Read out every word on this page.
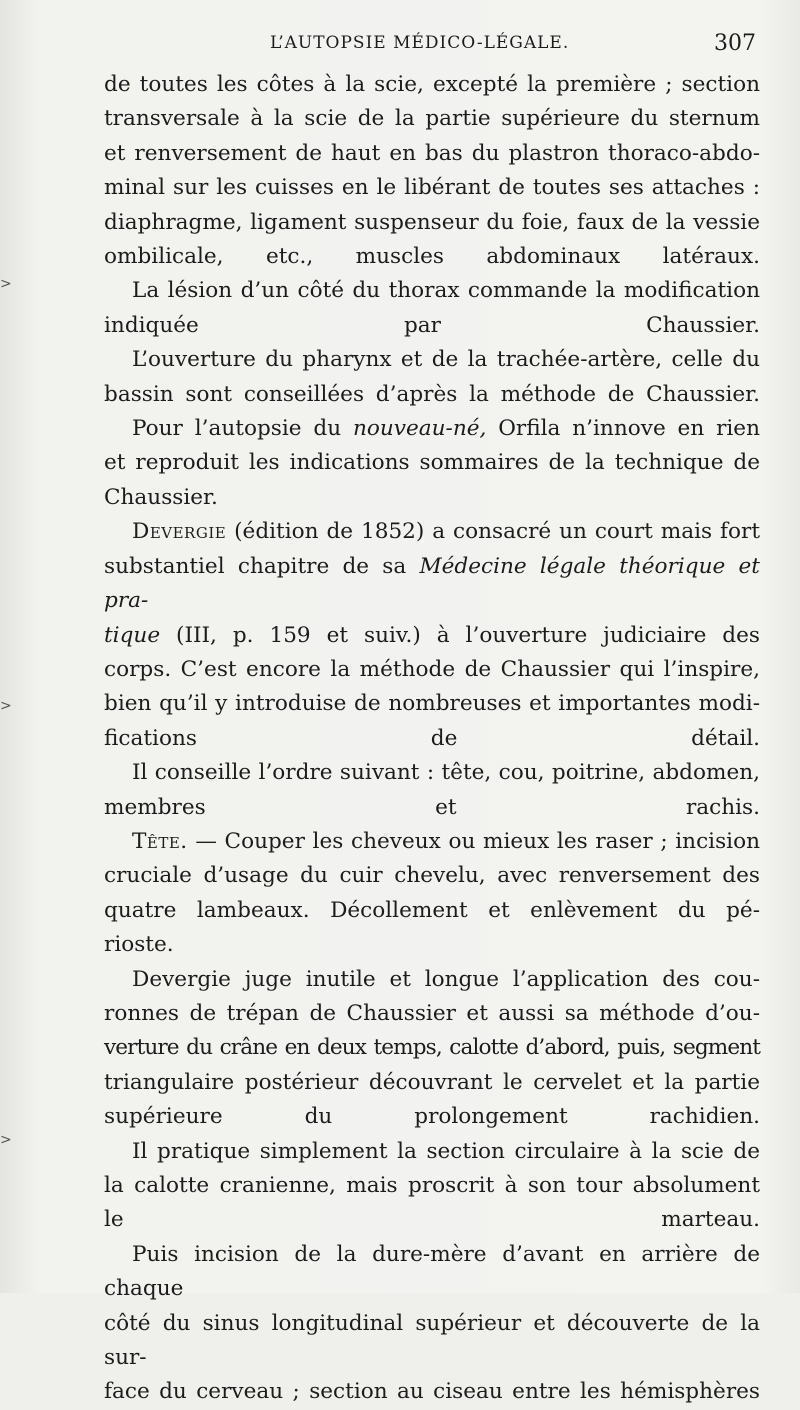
L’AUTOPSIE MÉDICO-LÉGALE.	307
>
>
>

de toutes les côtes à la scie, excepté la première ; section
transversale à la scie de la partie supérieure du sternum
et renversement de haut en bas du plastron thoraco-abdo-
minal sur les cuisses en le libérant de toutes ses attaches :
diaphragme, ligament suspenseur du foie, faux de la vessie
ombilicale, etc., muscles abdominaux latéraux.

La lésion d’un côté du thorax commande la modification
indiquée par Chaussier.

L’ouverture du pharynx et de la trachée-artère, celle du
bassin sont conseillées d’après la méthode de Chaussier.

Pour l’autopsie du nouveau-né, Orfila n’innove en rien
et reproduit les indications sommaires de la technique de
Chaussier.

Devergie (édition de 1852) a consacré un court mais fort
substantiel chapitre de sa Médecine légale théorique et pra-
tique (III, p. 159 et suiv.) à l’ouverture judiciaire des
corps. C’est encore la méthode de Chaussier qui l’inspire,
bien qu’il y introduise de nombreuses et importantes modi-
fications de détail.

Il conseille l’ordre suivant : tête, cou, poitrine, abdomen,
membres et rachis.

Tête. — Couper les cheveux ou mieux les raser ; incision
cruciale d’usage du cuir chevelu, avec renversement des
quatre lambeaux. Décollement et enlèvement du pé-
rioste.

Devergie juge inutile et longue l’application des cou-
ronnes de trépan de Chaussier et aussi sa méthode d’ou-
verture du crâne en deux temps, calotte d’abord, puis, segment
triangulaire postérieur découvrant le cervelet et la partie
supérieure du prolongement rachidien.

Il pratique simplement la section circulaire à la scie de
la calotte cranienne, mais proscrit à son tour absolument
le marteau.

Puis incision de la dure-mère d’avant en arrière de chaque
côté du sinus longitudinal supérieur et découverte de la sur-
face du cerveau ; section au ciseau entre les hémisphères
